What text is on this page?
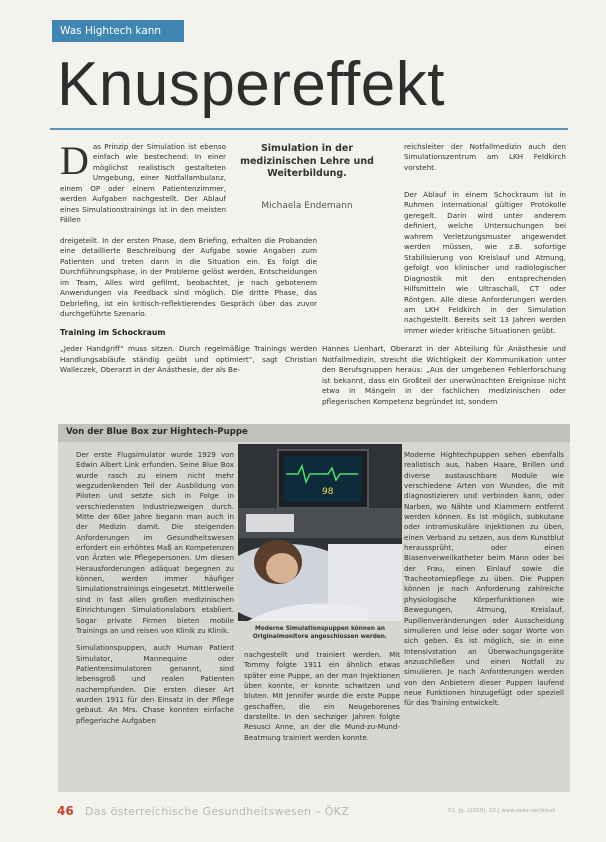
Was Hightech kann
Knuspereffekt

Das Prinzip der Simulation ist ebenso einfach wie bestechend: In einer möglichst realistisch gestalteten Umgebung, einer Notfallambulanz, einem OP oder einem Patientenzimmer, werden Aufgaben nachgestellt. Der Ablauf eines Simulationstrainings ist in den meisten Fällen

Simulation in der medizinischen Lehre und Weiterbildung.
Michaela Endemann

dreigeteilt. In der ersten Phase, dem Briefing, erhalten die Probanden eine detaillierte Beschreibung der Aufgabe sowie Angaben zum Patienten und treten dann in die Situation ein. Es folgt die Durchführungsphase, in der Probleme gelöst werden, Entscheidungen im Team, Alles wird gefilmt, beobachtet, je nach gebotenem Anwendungen via Feedback sind möglich. Die dritte Phase, das Debriefing, ist ein kritisch-reflektierendes Gespräch über das zuvor durchgeführte Szenario.

Training im Schockraum

„Jeder Handgriff“ muss sitzen. Durch regelmäßige Trainings werden Handlungsabläufe ständig geübt und optimiert“, sagt Christian Walleczek, Oberarzt in der Anästhesie, der als Be-

reichsleiter der Notfallmedizin auch den Simulationszentrum am LKH Feldkirch vorsteht.

Der Ablauf in einem Schockraum ist in Ruhmen international gültiger Protokolle geregelt. Darin wird unter anderem definiert, welche Untersuchungen bei wahrem Verletzungsmuster angewendet werden müssen, wie z.B. sofortige Stabilisierung von Kreislauf und Atmung, gefolgt von klinischer und radiologischer Diagnostik mit den entsprechenden Hilfsmitteln wie Ultraschall, CT oder Röntgen. Alle diese Anforderungen werden am LKH Feldkirch in der Simulation nachgestellt. Bereits seit 13 Jahren werden immer wieder kritische Situationen geübt.

Hannes Lienhart, Oberarzt in der Abteilung für Anästhesie und Notfallmedizin, streicht die Wichtigkeit der Kommunikation unter den Berufsgruppen heraus: „Aus der umgebenen Fehlerforschung ist bekannt, dass ein Großteil der unerwünschten Ereignisse nicht etwa in Mängeln in der fachlichen medizinischen oder pflegerischen Kompetenz begründet ist, sondern

Von der Blue Box zur Hightech-Puppe

Der erste Flugsimulator wurde 1929 von Edwin Albert Link erfunden. Seine Blue Box wurde rasch zu einem nicht mehr wegzudenkenden Teil der Ausbildung von Piloten und setzte sich in Folge in verschiedensten Industriezweigen durch. Mitte der 60er Jahre begann man auch in der Medizin damit. Die steigenden Anforderungen im Gesundheitswesen erfordert ein erhöhtes Maß an Kompetenzen von Ärzten wie Pflegepersonen. Um diesen Herausforderungen adäquat begegnen zu können, werden immer häufiger Simulationstrainings eingesetzt. Mittlerweile sind in fast allen großen medizinischen Einrichtungen Simulationslabors etabliert. Sogar private Firmen bieten mobile Trainings an und reisen von Klinik zu Klinik.

Simulationspuppen, auch Human Patient Simulator, Mannequine oder Patientensimulatoren genannt, sind lebensgroß und realen Patienten nachempfunden. Die ersten dieser Art wurden 1911 für den Einsatz in der Pflege gebaut. An Mrs. Chase konnten einfache pflegerische Aufgaben

98
Moderne Simulationspuppen können an Originalmonitore angeschlossen werden.

nachgestellt und trainiert werden. Mit Tommy folgte 1911 ein ähnlich etwas später eine Puppe, an der man Injektionen üben konnte, er konnte schwitzen und bluten. Mit Jennifer wurde die erste Puppe geschaffen, die ein Neugeborenes darstellte. In den sechziger Jahren folgte Resusci Anne, an der die Mund-zu-Mund-Beatmung trainiert werden konnte.

Moderne Hightechpuppen sehen ebenfalls realistisch aus, haben Haare, Brillen und diverse austauschbare Module wie verschiedene Arten von Wunden, die mit diagnostizieren und verbinden kann, oder Narben, wo Nähte und Klammern entfernt werden können. Es ist möglich, subkutane oder intramuskuläre Injektionen zu üben, einen Verband zu setzen, aus dem Kunstblut heraussprüht, oder einen Blasenverweilkatheter beim Mann oder bei der Frau, einen Einlauf sowie die Tracheotomiepflege zu üben. Die Puppen können je nach Anforderung zahlreiche physiologische Körperfunktionen wie Bewegungen, Atmung, Kreislauf, Pupillenveränderungen oder Ausscheidung simulieren und leise oder sogar Worte von sich geben. Es ist möglich, sie in eine Intensivstation an Überwachungsgeräte anzuschließen und einen Notfall zu simulieren. Je nach Anforderungen werden von den Anbietern dieser Puppen laufend neue Funktionen hinzugefügt oder speziell für das Training entwickelt.

46 Das österreichische Gesundheitswesen – ÖKZ	51. Jg. (2010), 03 | www.oekz.net/kiosk
